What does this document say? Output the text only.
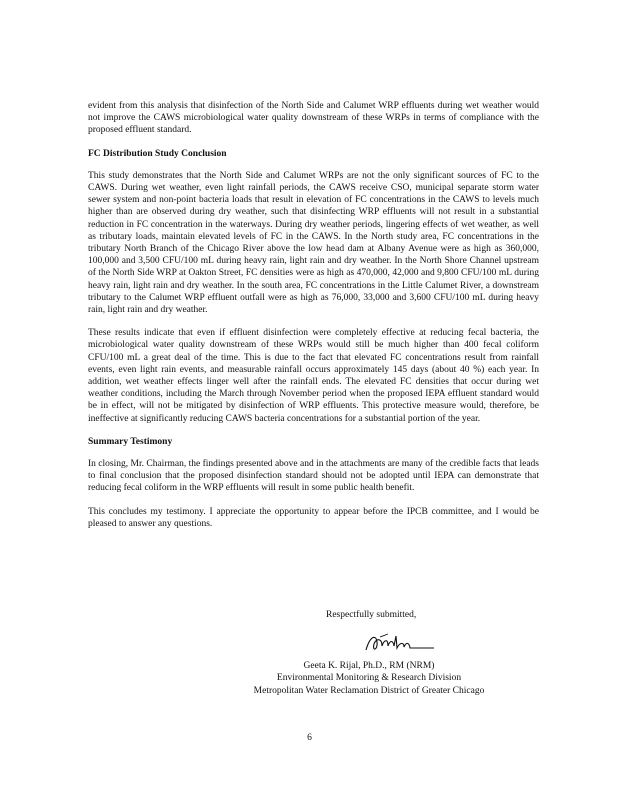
evident from this analysis that disinfection of the North Side and Calumet WRP effluents during wet weather would not improve the CAWS microbiological water quality downstream of these WRPs in terms of compliance with the proposed effluent standard.

FC Distribution Study Conclusion

This study demonstrates that the North Side and Calumet WRPs are not the only significant sources of FC to the CAWS. During wet weather, even light rainfall periods, the CAWS receive CSO, municipal separate storm water sewer system and non-point bacteria loads that result in elevation of FC concentrations in the CAWS to levels much higher than are observed during dry weather, such that disinfecting WRP effluents will not result in a substantial reduction in FC concentration in the waterways. During dry weather periods, lingering effects of wet weather, as well as tributary loads, maintain elevated levels of FC in the CAWS. In the North study area, FC concentrations in the tributary North Branch of the Chicago River above the low head dam at Albany Avenue were as high as 360,000, 100,000 and 3,500 CFU/100 mL during heavy rain, light rain and dry weather. In the North Shore Channel upstream of the North Side WRP at Oakton Street, FC densities were as high as 470,000, 42,000 and 9,800 CFU/100 mL during heavy rain, light rain and dry weather. In the south area, FC concentrations in the Little Calumet River, a downstream tributary to the Calumet WRP effluent outfall were as high as 76,000, 33,000 and 3,600 CFU/100 mL during heavy rain, light rain and dry weather.

These results indicate that even if effluent disinfection were completely effective at reducing fecal bacteria, the microbiological water quality downstream of these WRPs would still be much higher than 400 fecal coliform CFU/100 mL a great deal of the time. This is due to the fact that elevated FC concentrations result from rainfall events, even light rain events, and measurable rainfall occurs approximately 145 days (about 40 %) each year. In addition, wet weather effects linger well after the rainfall ends. The elevated FC densities that occur during wet weather conditions, including the March through November period when the proposed IEPA effluent standard would be in effect, will not be mitigated by disinfection of WRP effluents. This protective measure would, therefore, be ineffective at significantly reducing CAWS bacteria concentrations for a substantial portion of the year.

Summary Testimony

In closing, Mr. Chairman, the findings presented above and in the attachments are many of the credible facts that leads to final conclusion that the proposed disinfection standard should not be adopted until IEPA can demonstrate that reducing fecal coliform in the WRP effluents will result in some public health benefit.

This concludes my testimony. I appreciate the opportunity to appear before the IPCB committee, and I would be pleased to answer any questions.

Respectfully submitted,
Geeta K. Rijal, Ph.D., RM (NRM)
Environmental Monitoring & Research Division
Metropolitan Water Reclamation District of Greater Chicago
6
